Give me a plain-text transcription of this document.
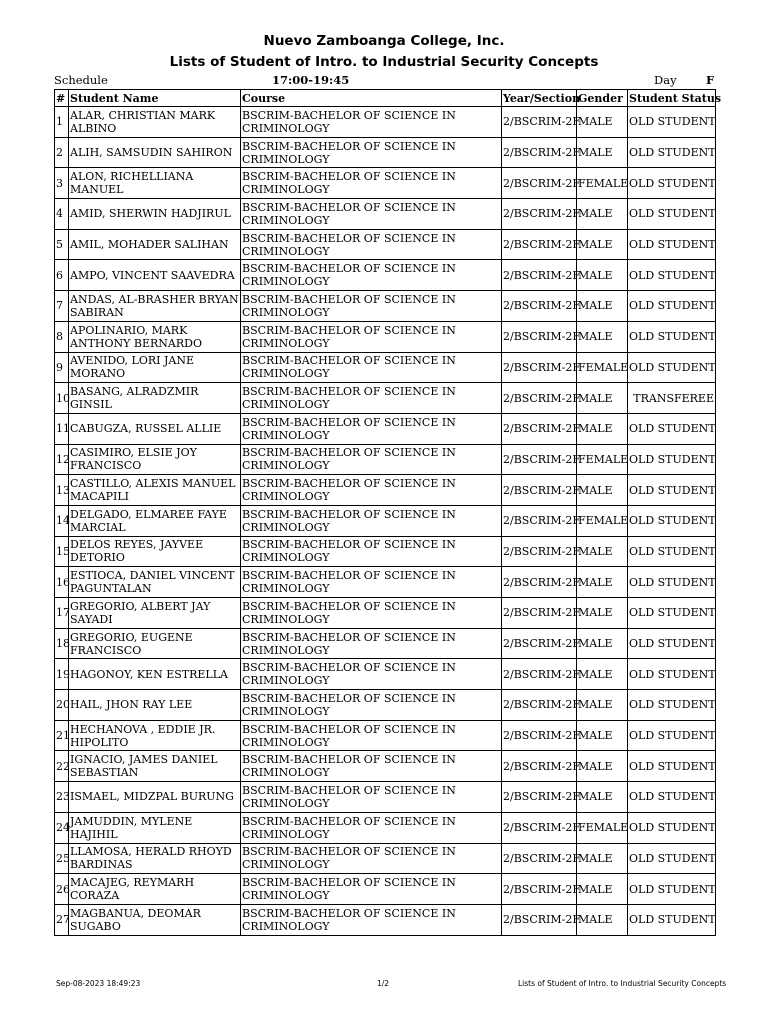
Nuevo Zamboanga College, Inc.
Lists of Student of Intro. to Industrial Security Concepts
Schedule	17:00-19:45	Day	F
#	Student Name	Course	Year/Section	Gender	Student Status
1	ALAR, CHRISTIAN MARK ALBINO	BSCRIM-BACHELOR OF SCIENCE IN CRIMINOLOGY	2/BSCRIM-2F	MALE	OLD STUDENT
2	ALIH, SAMSUDIN SAHIRON	BSCRIM-BACHELOR OF SCIENCE IN CRIMINOLOGY	2/BSCRIM-2F	MALE	OLD STUDENT
3	ALON, RICHELLIANA MANUEL	BSCRIM-BACHELOR OF SCIENCE IN CRIMINOLOGY	2/BSCRIM-2F	FEMALE	OLD STUDENT
4	AMID, SHERWIN HADJIRUL	BSCRIM-BACHELOR OF SCIENCE IN CRIMINOLOGY	2/BSCRIM-2F	MALE	OLD STUDENT
5	AMIL, MOHADER SALIHAN	BSCRIM-BACHELOR OF SCIENCE IN CRIMINOLOGY	2/BSCRIM-2F	MALE	OLD STUDENT
6	AMPO, VINCENT SAAVEDRA	BSCRIM-BACHELOR OF SCIENCE IN CRIMINOLOGY	2/BSCRIM-2F	MALE	OLD STUDENT
7	ANDAS, AL-BRASHER BRYAN SABIRAN	BSCRIM-BACHELOR OF SCIENCE IN CRIMINOLOGY	2/BSCRIM-2F	MALE	OLD STUDENT
8	APOLINARIO, MARK ANTHONY BERNARDO	BSCRIM-BACHELOR OF SCIENCE IN CRIMINOLOGY	2/BSCRIM-2F	MALE	OLD STUDENT
9	AVENIDO, LORI JANE MORANO	BSCRIM-BACHELOR OF SCIENCE IN CRIMINOLOGY	2/BSCRIM-2F	FEMALE	OLD STUDENT
10	BASANG, ALRADZMIR GINSIL	BSCRIM-BACHELOR OF SCIENCE IN CRIMINOLOGY	2/BSCRIM-2F	MALE	TRANSFEREE
11	CABUGZA, RUSSEL ALLIE	BSCRIM-BACHELOR OF SCIENCE IN CRIMINOLOGY	2/BSCRIM-2F	MALE	OLD STUDENT
12	CASIMIRO, ELSIE JOY FRANCISCO	BSCRIM-BACHELOR OF SCIENCE IN CRIMINOLOGY	2/BSCRIM-2F	FEMALE	OLD STUDENT
13	CASTILLO, ALEXIS MANUEL MACAPILI	BSCRIM-BACHELOR OF SCIENCE IN CRIMINOLOGY	2/BSCRIM-2F	MALE	OLD STUDENT
14	DELGADO, ELMAREE FAYE MARCIAL	BSCRIM-BACHELOR OF SCIENCE IN CRIMINOLOGY	2/BSCRIM-2F	FEMALE	OLD STUDENT
15	DELOS REYES, JAYVEE DETORIO	BSCRIM-BACHELOR OF SCIENCE IN CRIMINOLOGY	2/BSCRIM-2F	MALE	OLD STUDENT
16	ESTIOCA, DANIEL VINCENT PAGUNTALAN	BSCRIM-BACHELOR OF SCIENCE IN CRIMINOLOGY	2/BSCRIM-2F	MALE	OLD STUDENT
17	GREGORIO, ALBERT JAY SAYADI	BSCRIM-BACHELOR OF SCIENCE IN CRIMINOLOGY	2/BSCRIM-2F	MALE	OLD STUDENT
18	GREGORIO, EUGENE FRANCISCO	BSCRIM-BACHELOR OF SCIENCE IN CRIMINOLOGY	2/BSCRIM-2F	MALE	OLD STUDENT
19	HAGONOY, KEN ESTRELLA	BSCRIM-BACHELOR OF SCIENCE IN CRIMINOLOGY	2/BSCRIM-2F	MALE	OLD STUDENT
20	HAIL, JHON RAY LEE	BSCRIM-BACHELOR OF SCIENCE IN CRIMINOLOGY	2/BSCRIM-2F	MALE	OLD STUDENT
21	HECHANOVA , EDDIE JR. HIPOLITO	BSCRIM-BACHELOR OF SCIENCE IN CRIMINOLOGY	2/BSCRIM-2F	MALE	OLD STUDENT
22	IGNACIO, JAMES DANIEL SEBASTIAN	BSCRIM-BACHELOR OF SCIENCE IN CRIMINOLOGY	2/BSCRIM-2F	MALE	OLD STUDENT
23	ISMAEL, MIDZPAL BURUNG	BSCRIM-BACHELOR OF SCIENCE IN CRIMINOLOGY	2/BSCRIM-2F	MALE	OLD STUDENT
24	JAMUDDIN, MYLENE HAJIHIL	BSCRIM-BACHELOR OF SCIENCE IN CRIMINOLOGY	2/BSCRIM-2F	FEMALE	OLD STUDENT
25	LLAMOSA, HERALD RHOYD BARDINAS	BSCRIM-BACHELOR OF SCIENCE IN CRIMINOLOGY	2/BSCRIM-2F	MALE	OLD STUDENT
26	MACAJEG, REYMARH CORAZA	BSCRIM-BACHELOR OF SCIENCE IN CRIMINOLOGY	2/BSCRIM-2F	MALE	OLD STUDENT
27	MAGBANUA, DEOMAR SUGABO	BSCRIM-BACHELOR OF SCIENCE IN CRIMINOLOGY	2/BSCRIM-2F	MALE	OLD STUDENT
Sep-08-2023 18:49:23	1/2	Lists of Student of Intro. to Industrial Security Concepts
